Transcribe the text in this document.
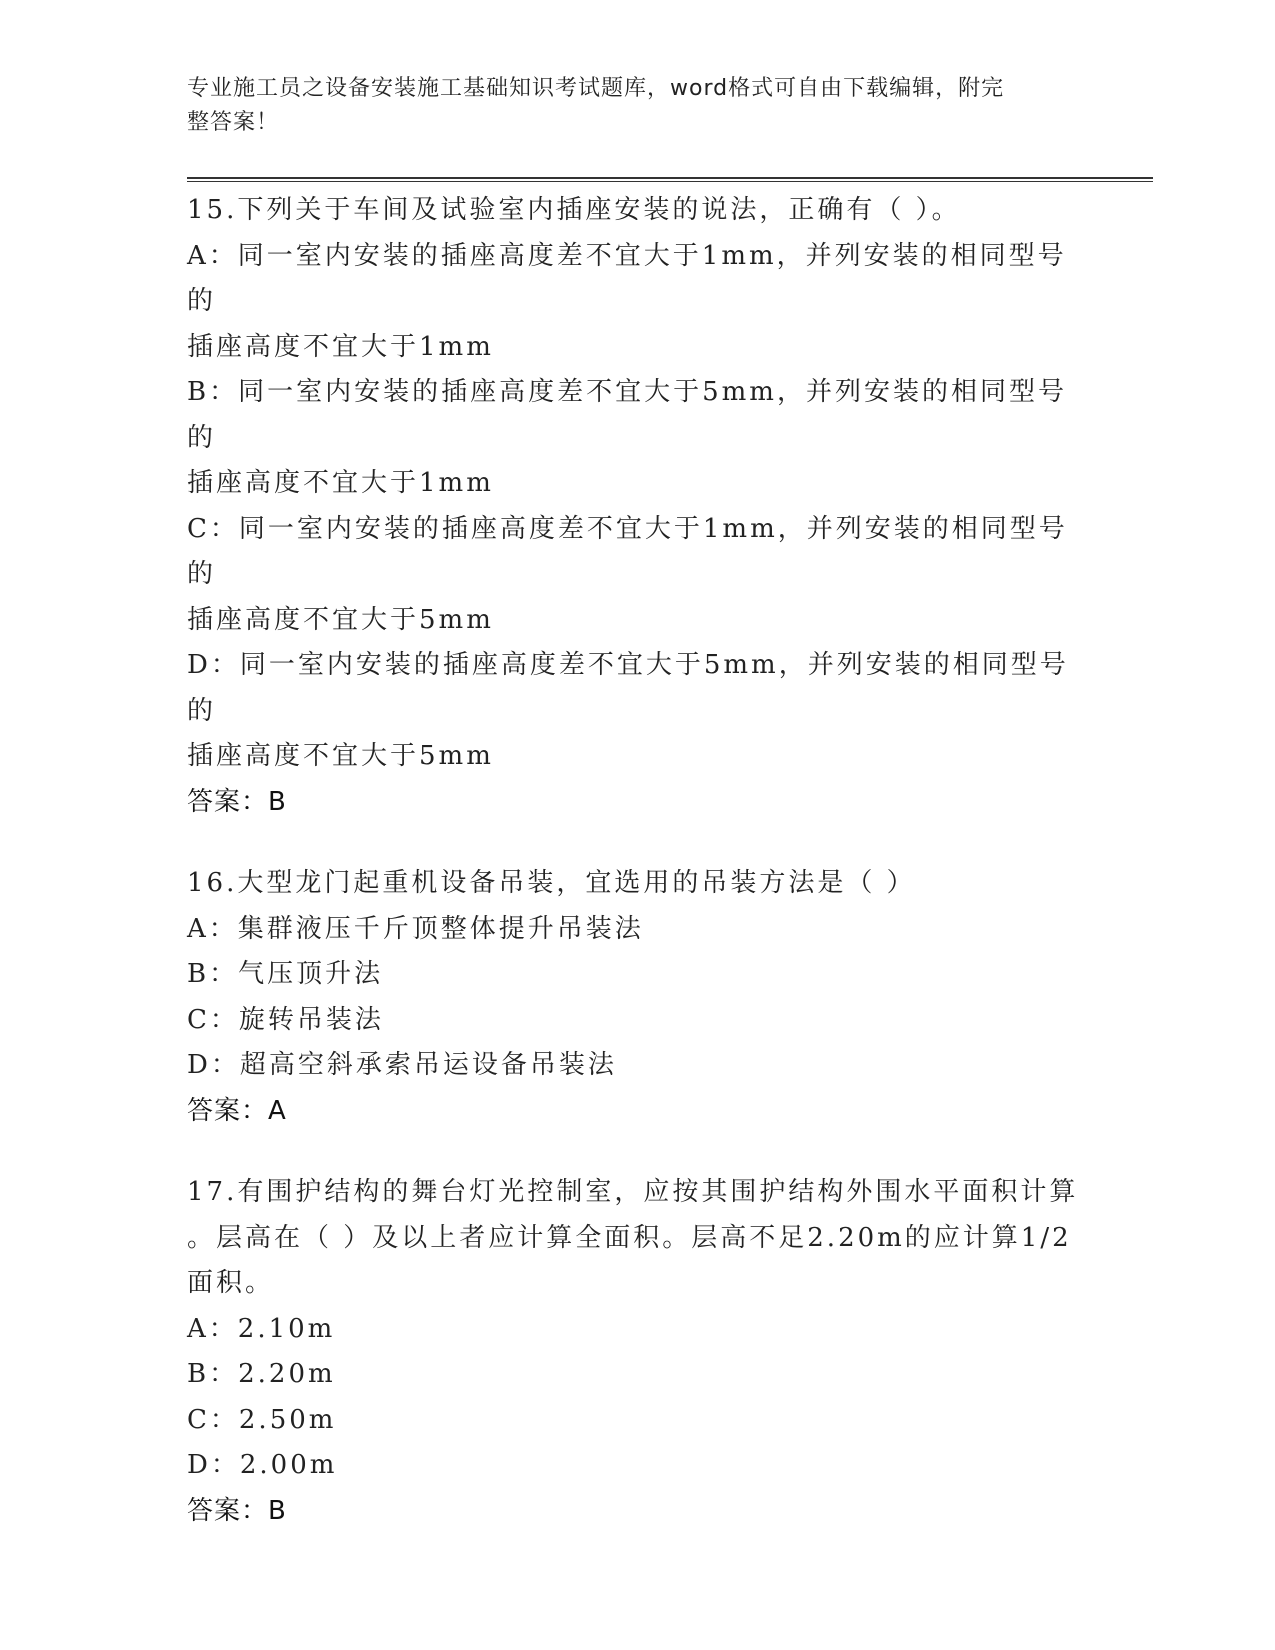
专业施工员之设备安装施工基础知识考试题库，word格式可自由下载编辑，附完
整答案！
15.下列关于车间及试验室内插座安装的说法，正确有（ ）。
A：同一室内安装的插座高度差不宜大于1mm，并列安装的相同型号的
插座高度不宜大于1mm
B：同一室内安装的插座高度差不宜大于5mm，并列安装的相同型号的
插座高度不宜大于1mm
C：同一室内安装的插座高度差不宜大于1mm，并列安装的相同型号的
插座高度不宜大于5mm
D：同一室内安装的插座高度差不宜大于5mm，并列安装的相同型号的
插座高度不宜大于5mm
答案：B
16.大型龙门起重机设备吊装，宜选用的吊装方法是（ ）
A：集群液压千斤顶整体提升吊装法
B：气压顶升法
C：旋转吊装法
D：超高空斜承索吊运设备吊装法
答案：A
17.有围护结构的舞台灯光控制室，应按其围护结构外围水平面积计算
。层高在（ ）及以上者应计算全面积。层高不足2.20m的应计算1/2
面积。
A：2.10m
B：2.20m
C：2.50m
D：2.00m
答案：B
